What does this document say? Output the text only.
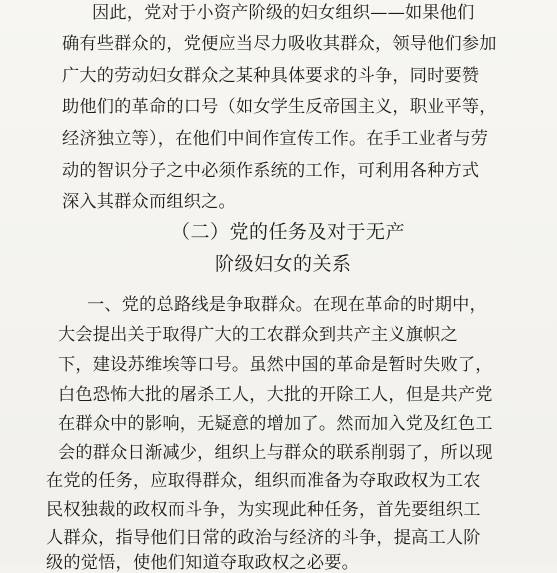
因此，党对于小资产阶级的妇女组织——如果他们
确有些群众的，党便应当尽力吸收其群众，领导他们参加
广大的劳动妇女群众之某种具体要求的斗争，同时要赞
助他们的革命的口号（如女学生反帝国主义，职业平等，
经济独立等），在他们中间作宣传工作。在手工业者与劳
动的智识分子之中必须作系统的工作，可利用各种方式
深入其群众而组织之。
（二）党的任务及对于无产
阶级妇女的关系
一、党的总路线是争取群众。在现在革命的时期中，
大会提出关于取得广大的工农群众到共产主义旗帜之
下，建设苏维埃等口号。虽然中国的革命是暂时失败了，
白色恐怖大批的屠杀工人，大批的开除工人，但是共产党
在群众中的影响，无疑意的增加了。然而加入党及红色工
会的群众日渐减少，组织上与群众的联系削弱了，所以现
在党的任务，应取得群众，组织而准备为夺取政权为工农
民权独裁的政权而斗争，为实现此种任务，首先要组织工
人群众，指导他们日常的政治与经济的斗争，提高工人阶
级的觉悟，使他们知道夺取政权之必要。
